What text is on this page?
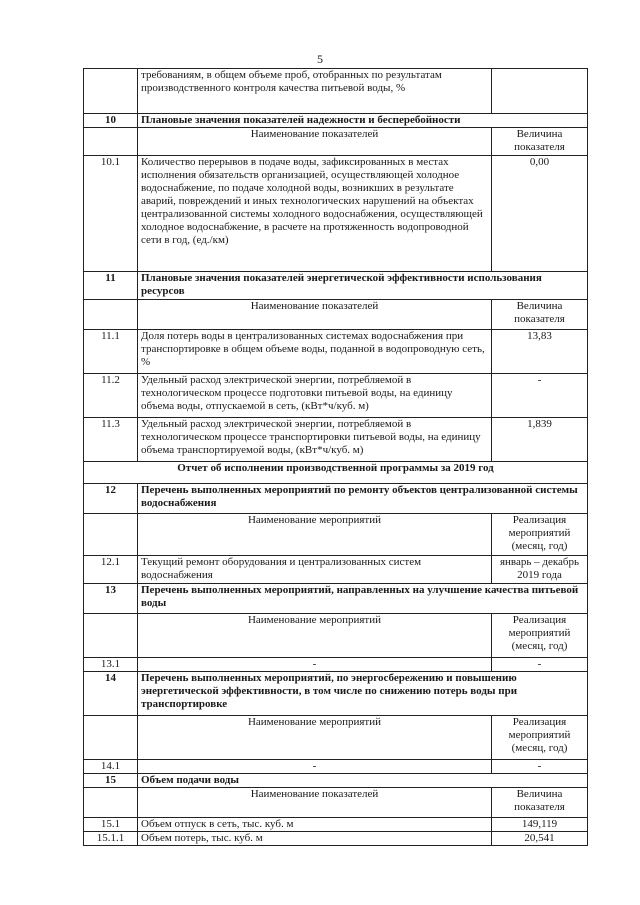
5
	требованиям, в общем объеме проб, отобранных по результатам производственного контроля качества питьевой воды, %	
10	Плановые значения показателей надежности и бесперебойности	
	Наименование показателей	Величина показателя
10.1	Количество перерывов в подаче воды, зафиксированных в местах исполнения обязательств организацией, осуществляющей холодное водоснабжение, по подаче холодной воды, возникших в результате аварий, повреждений и иных технологических нарушений на объектах централизованной системы холодного водоснабжения, осуществляющей холодное водоснабжение, в расчете на протяженность водопроводной сети в год, (ед./км)	0,00
11	Плановые значения показателей энергетической эффективности использования ресурсов	
	Наименование показателей	Величина показателя
11.1	Доля потерь воды в централизованных системах водоснабжения при транспортировке в общем объеме воды, поданной в водопроводную сеть, %	13,83
11.2	Удельный расход электрической энергии, потребляемой в технологическом процессе подготовки питьевой воды, на единицу объема воды, отпускаемой в сеть, (кВт*ч/куб. м)	-
11.3	Удельный расход электрической энергии, потребляемой в технологическом процессе транспортировки питьевой воды, на единицу объема транспортируемой воды, (кВт*ч/куб. м)	1,839
Отчет об исполнении производственной программы за 2019 год		
12	Перечень выполненных мероприятий по ремонту объектов централизованной системы водоснабжения	
	Наименование мероприятий	Реализация мероприятий (месяц, год)
12.1	Текущий ремонт оборудования и централизованных систем водоснабжения	январь – декабрь 2019 года
13	Перечень выполненных мероприятий, направленных на улучшение качества питьевой воды	
	Наименование мероприятий	Реализация мероприятий (месяц, год)
13.1	-	-
14	Перечень выполненных мероприятий, по энергосбережению и повышению энергетической эффективности, в том числе по снижению потерь воды при транспортировке	
	Наименование мероприятий	Реализация мероприятий (месяц, год)
14.1	-	-
15	Объем подачи воды	
	Наименование показателей	Величина показателя
15.1	Объем отпуск в сеть, тыс. куб. м	149,119
15.1.1	Объем потерь, тыс. куб. м	20,541
